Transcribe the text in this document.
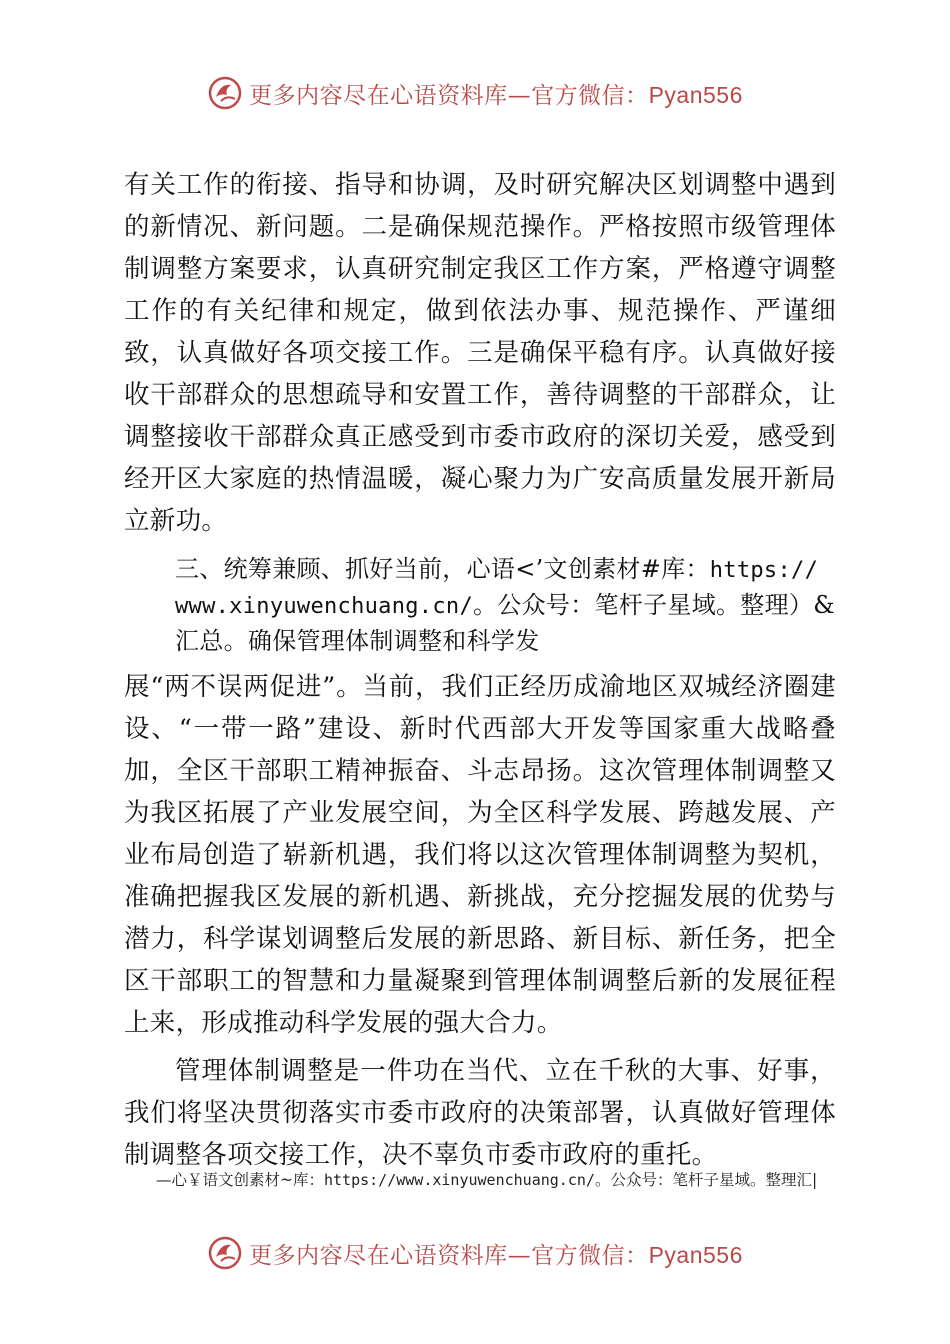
更多内容尽在心语资料库—官方微信：Pyan556

有关工作的衔接、指导和协调，及时研究解决区划调整中遇到的新情况、新问题。二是确保规范操作。严格按照市级管理体制调整方案要求，认真研究制定我区工作方案，严格遵守调整工作的有关纪律和规定，做到依法办事、规范操作、严谨细致，认真做好各项交接工作。三是确保平稳有序。认真做好接收干部群众的思想疏导和安置工作，善待调整的干部群众，让调整接收干部群众真正感受到市委市政府的深切关爱，感受到经开区大家庭的热情温暖，凝心聚力为广安高质量发展开新局立新功。

三、统筹兼顾、抓好当前，心语<’文创素材#库：https://
www.xinyuwenchuang.cn/。公众号：笔杆子星域。整理）&
汇总。确保管理体制调整和科学发

展“两不误两促进”。当前，我们正经历成渝地区双城经济圈建设、“一带一路”建设、新时代西部大开发等国家重大战略叠加，全区干部职工精神振奋、斗志昂扬。这次管理体制调整又为我区拓展了产业发展空间，为全区科学发展、跨越发展、产业布局创造了崭新机遇，我们将以这次管理体制调整为契机，准确把握我区发展的新机遇、新挑战，充分挖掘发展的优势与潜力，科学谋划调整后发展的新思路、新目标、新任务，把全区干部职工的智慧和力量凝聚到管理体制调整后新的发展征程上来，形成推动科学发展的强大合力。

管理体制调整是一件功在当代、立在千秋的大事、好事，我们将坚决贯彻落实市委市政府的决策部署，认真做好管理体制调整各项交接工作，决不辜负市委市政府的重托。

—心￥语文创素材~库：https://www.xinyuwenchuang.cn/。公众号：笔杆子星域。整理汇|
更多内容尽在心语资料库—官方微信：Pyan556
